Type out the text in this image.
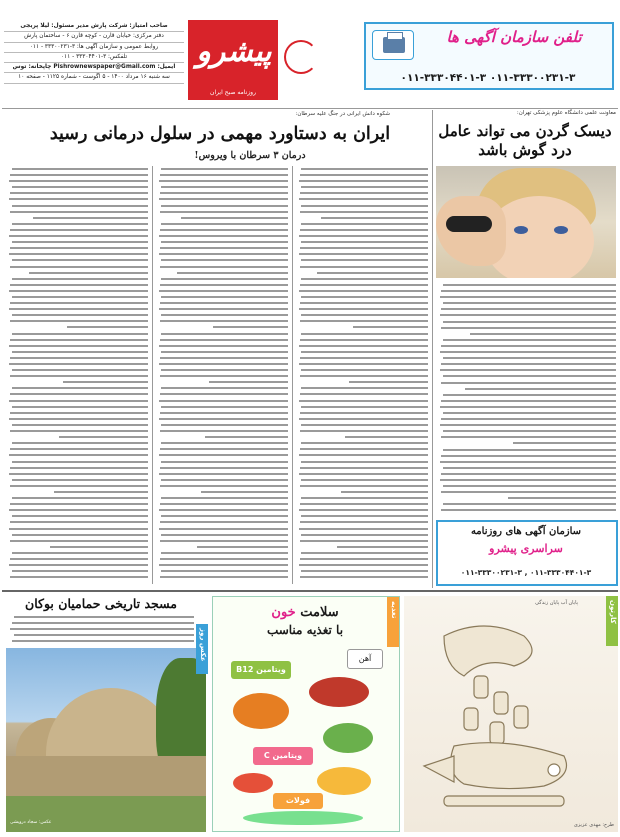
تلفن سازمان آگهی ها
۰۱۱-۳۳۳۰۴۴۰۱-۳ ۰۱۱-۳۳۳۰۰۲۳۱-۳
پیشرو
روزنامه صبح ایران
صاحب امتیاز: شرکت پارش مدیر مسئول: لیلا پریجی
دفتر مرکزی: خیابان قارن - کوچه قارن ۶ - ساختمان پارش
روابط عمومی و سازمان آگهی ها: ۳-۳۳۳۰۰۲۳۱ - ۰۱۱
تلفکس: ۳-۳۳۳۰۴۴۰۱ - ۰۱۱
ایمیل: Pishrownewspaper@Gmail.com چاپخانه: توس
سه شنبه ۱۶ مرداد ۱۴۰۰ - ۵ اگوست - شماره ۱۱۲۵ - صفحه ۱۰
معاونت علمی دانشگاه علوم پزشکی تهران:
دیسک گردن می تواند عامل درد گوش باشد
شکوه دانش ایرانی در جنگ علیه سرطان:
ایران به دستاورد مهمی در سلول درمانی رسید
درمان ۳ سرطان با ویروس!
سازمان آگهی های روزنامه
سراسری پیشرو
۰۱۱-۳۳۳۰۰۲۳۱-۳ , ۰۱۱-۳۳۳۰۴۴۰۱-۳
مسجد تاریخی حمامیان بوکان
عکس: سجاد درویشی
عکس روز
تغذیه
سلامت خون
با تغذیه مناسب
آهن
ویتامین B12
ویتامین C
فولات
کارتون
پایان آب پایان زندگی
طرح: مهدی عزیزی
